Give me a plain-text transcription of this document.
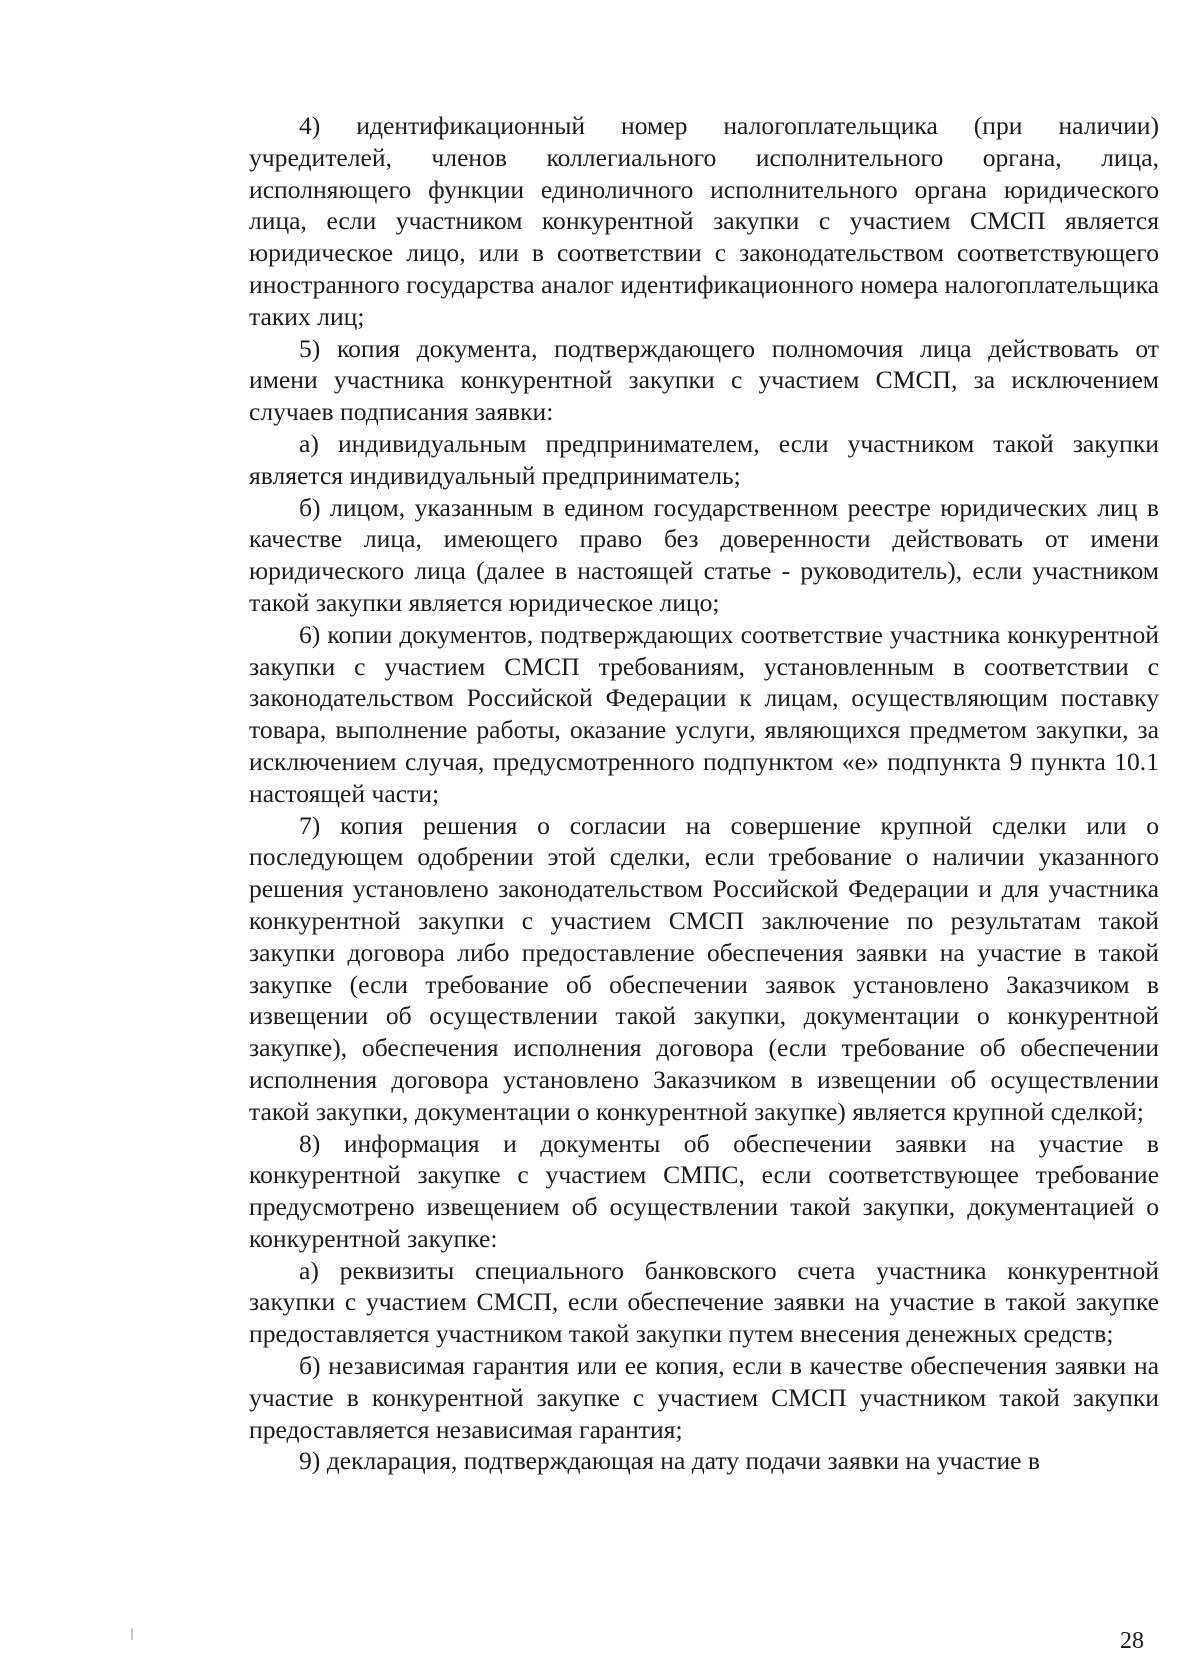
4) идентификационный номер налогоплательщика (при наличии) учредителей, членов коллегиального исполнительного органа, лица, исполняющего функции единоличного исполнительного органа юридического лица, если участником конкурентной закупки с участием СМСП является юридическое лицо, или в соответствии с законодательством соответствующего иностранного государства аналог идентификационного номера налогоплательщика таких лиц;

5) копия документа, подтверждающего полномочия лица действовать от имени участника конкурентной закупки с участием СМСП, за исключением случаев подписания заявки:

а) индивидуальным предпринимателем, если участником такой закупки является индивидуальный предприниматель;

б) лицом, указанным в едином государственном реестре юридических лиц в качестве лица, имеющего право без доверенности действовать от имени юридического лица (далее в настоящей статье - руководитель), если участником такой закупки является юридическое лицо;

6) копии документов, подтверждающих соответствие участника конкурентной закупки с участием СМСП требованиям, установленным в соответствии с законодательством Российской Федерации к лицам, осуществляющим поставку товара, выполнение работы, оказание услуги, являющихся предметом закупки, за исключением случая, предусмотренного подпунктом «е» подпункта 9 пункта 10.1 настоящей части;

7) копия решения о согласии на совершение крупной сделки или о последующем одобрении этой сделки, если требование о наличии указанного решения установлено законодательством Российской Федерации и для участника конкурентной закупки с участием СМСП заключение по результатам такой закупки договора либо предоставление обеспечения заявки на участие в такой закупке (если требование об обеспечении заявок установлено Заказчиком в извещении об осуществлении такой закупки, документации о конкурентной закупке), обеспечения исполнения договора (если требование об обеспечении исполнения договора установлено Заказчиком в извещении об осуществлении такой закупки, документации о конкурентной закупке) является крупной сделкой;

8) информация и документы об обеспечении заявки на участие в конкурентной закупке с участием СМПС, если соответствующее требование предусмотрено извещением об осуществлении такой закупки, документацией о конкурентной закупке:

а) реквизиты специального банковского счета участника конкурентной закупки с участием СМСП, если обеспечение заявки на участие в такой закупке предоставляется участником такой закупки путем внесения денежных средств;

б) независимая гарантия или ее копия, если в качестве обеспечения заявки на участие в конкурентной закупке с участием СМСП участником такой закупки предоставляется независимая гарантия;

9) декларация, подтверждающая на дату подачи заявки на участие в

28
